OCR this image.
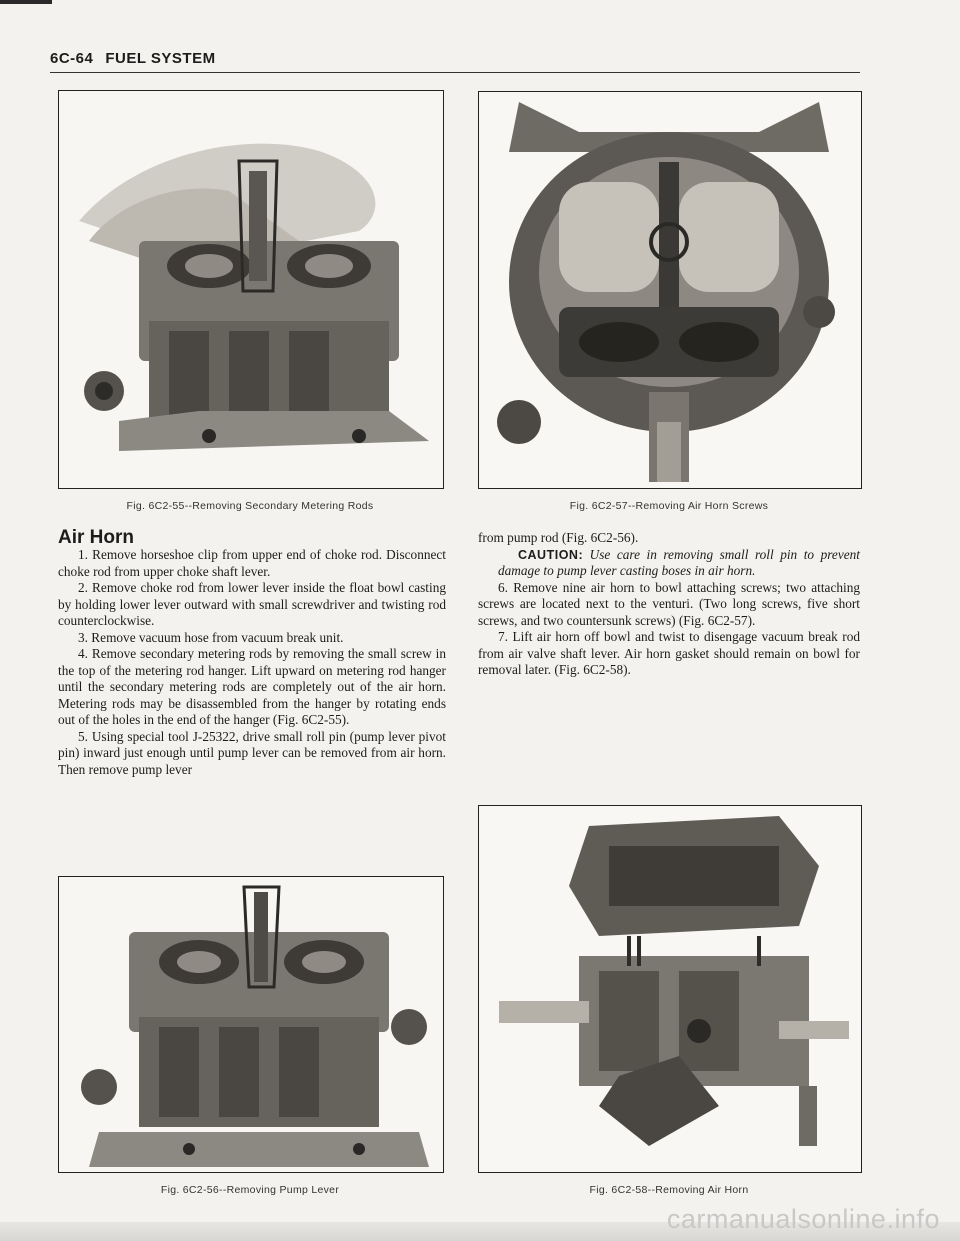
6C-64 FUEL SYSTEM
Fig. 6C2-55--Removing Secondary Metering Rods	Fig. 6C2-57--Removing Air Horn Screws
Air Horn

1. Remove horseshoe clip from upper end of choke rod. Disconnect choke rod from upper choke shaft lever.

2. Remove choke rod from lower lever inside the float bowl casting by holding lower lever outward with small screwdriver and twisting rod counterclockwise.

3. Remove vacuum hose from vacuum break unit.

4. Remove secondary metering rods by removing the small screw in the top of the metering rod hanger. Lift upward on metering rod hanger until the secondary metering rods are completely out of the air horn. Metering rods may be disassembled from the hanger by rotating ends out of the holes in the end of the hanger (Fig. 6C2-55).

5. Using special tool J-25322, drive small roll pin (pump lever pivot pin) inward just enough until pump lever can be removed from air horn. Then remove pump lever

from pump rod (Fig. 6C2-56).

CAUTION: Use care in removing small roll pin to prevent damage to pump lever casting boses in air horn.

6. Remove nine air horn to bowl attaching screws; two attaching screws are located next to the venturi. (Two long screws, five short screws, and two countersunk screws) (Fig. 6C2-57).

7. Lift air horn off bowl and twist to disengage vacuum break rod from air valve shaft lever. Air horn gasket should remain on bowl for removal later. (Fig. 6C2-58).

Fig. 6C2-56--Removing Pump Lever	Fig. 6C2-58--Removing Air Horn
carmanualsonline.info
